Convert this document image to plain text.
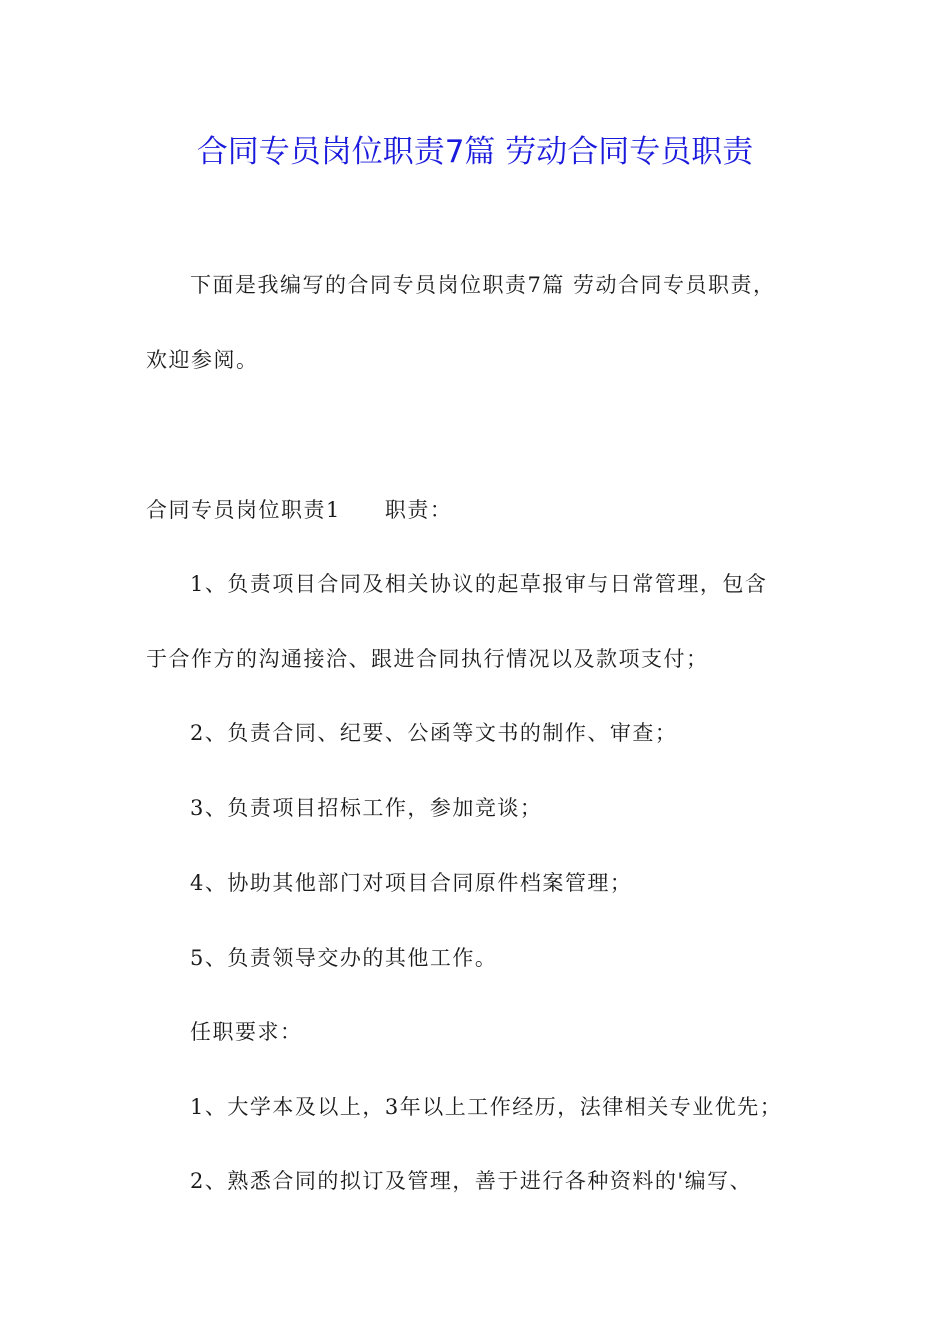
合同专员岗位职责7篇 劳动合同专员职责
下面是我编写的合同专员岗位职责7篇 劳动合同专员职责，
欢迎参阅。
合同专员岗位职责1 职责：
1、负责项目合同及相关协议的起草报审与日常管理，包含
于合作方的沟通接洽、跟进合同执行情况以及款项支付；
2、负责合同、纪要、公函等文书的制作、审查；
3、负责项目招标工作，参加竞谈；
4、协助其他部门对项目合同原件档案管理；
5、负责领导交办的其他工作。
任职要求：
1、大学本及以上，3年以上工作经历，法律相关专业优先；
2、熟悉合同的拟订及管理，善于进行各种资料的'编写、
